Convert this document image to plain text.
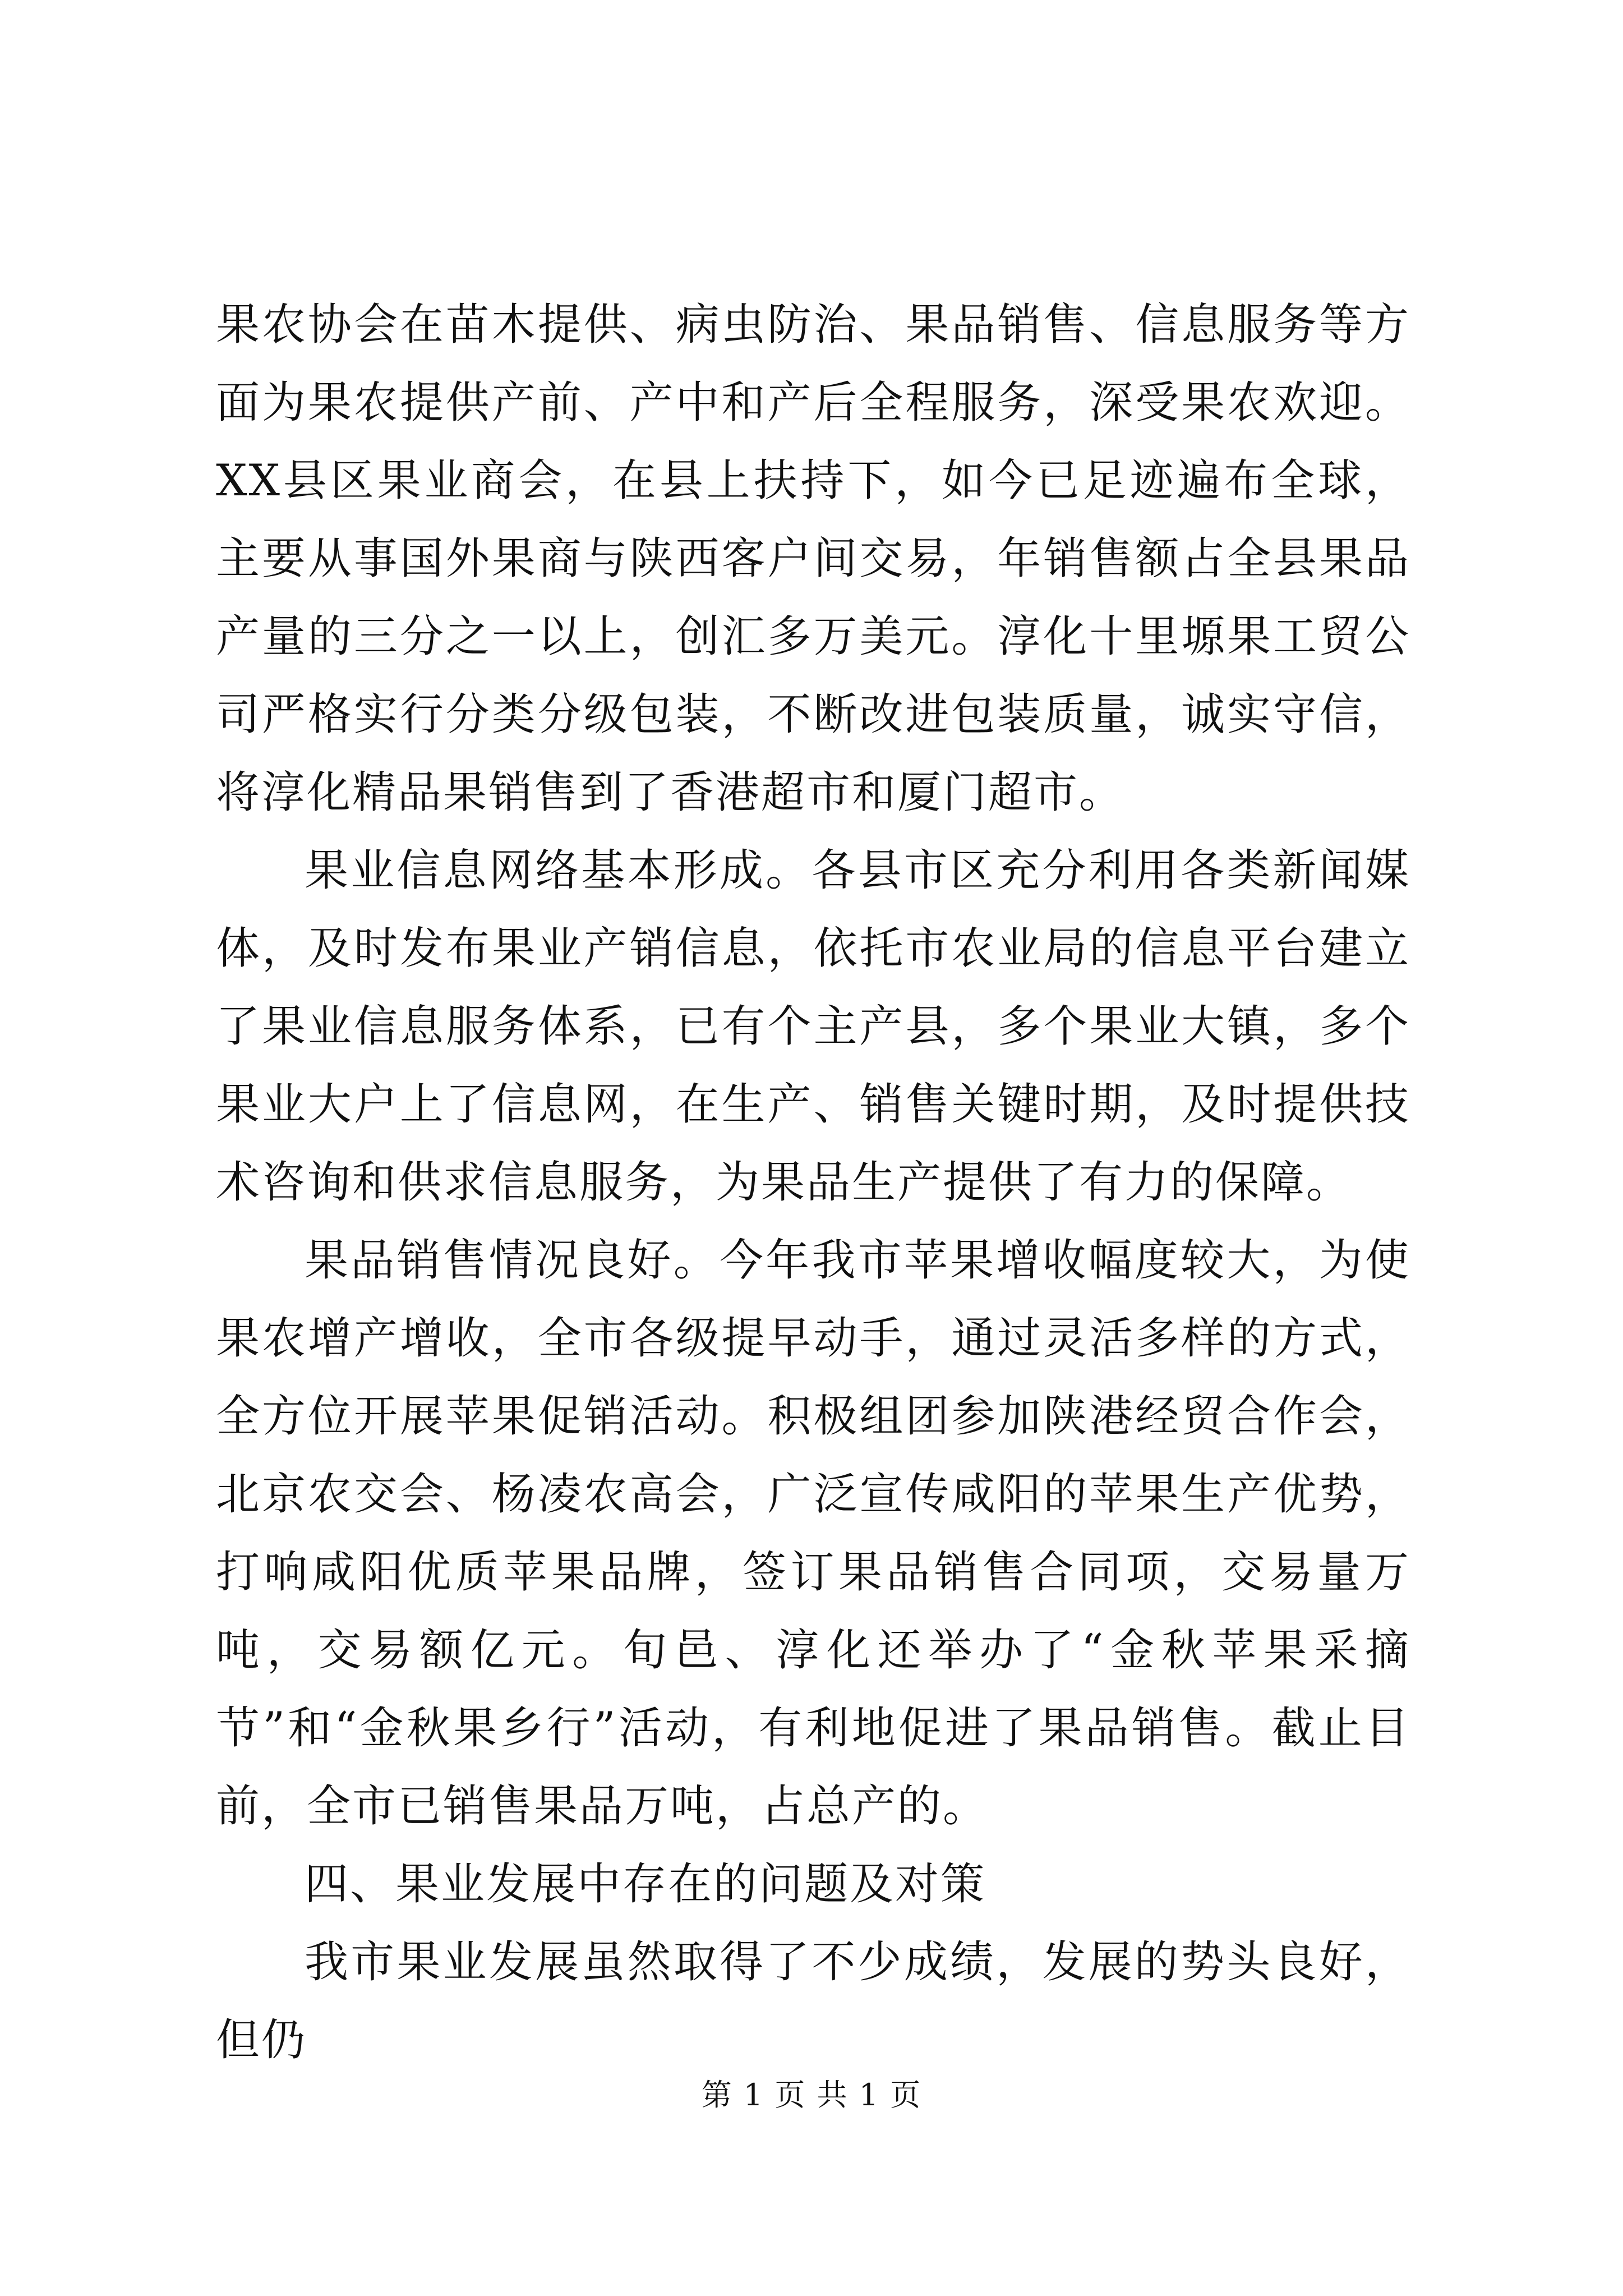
果农协会在苗木提供、病虫防治、果品销售、信息服务等方面为果农提供产前、产中和产后全程服务，深受果农欢迎。XX县区果业商会，在县上扶持下，如今已足迹遍布全球，主要从事国外果商与陕西客户间交易，年销售额占全县果品产量的三分之一以上，创汇多万美元。淳化十里塬果工贸公司严格实行分类分级包装，不断改进包装质量，诚实守信，将淳化精品果销售到了香港超市和厦门超市。

果业信息网络基本形成。各县市区充分利用各类新闻媒体，及时发布果业产销信息，依托市农业局的信息平台建立了果业信息服务体系，已有个主产县，多个果业大镇，多个果业大户上了信息网，在生产、销售关键时期，及时提供技术咨询和供求信息服务，为果品生产提供了有力的保障。

果品销售情况良好。今年我市苹果增收幅度较大，为使果农增产增收，全市各级提早动手，通过灵活多样的方式，全方位开展苹果促销活动。积极组团参加陕港经贸合作会，北京农交会、杨凌农高会，广泛宣传咸阳的苹果生产优势，打响咸阳优质苹果品牌，签订果品销售合同项，交易量万吨，交易额亿元。旬邑、淳化还举办了“金秋苹果采摘节”和“金秋果乡行”活动，有利地促进了果品销售。截止目前，全市已销售果品万吨，占总产的。

四、果业发展中存在的问题及对策

我市果业发展虽然取得了不少成绩，发展的势头良好，但仍

第 1 页 共 1 页
